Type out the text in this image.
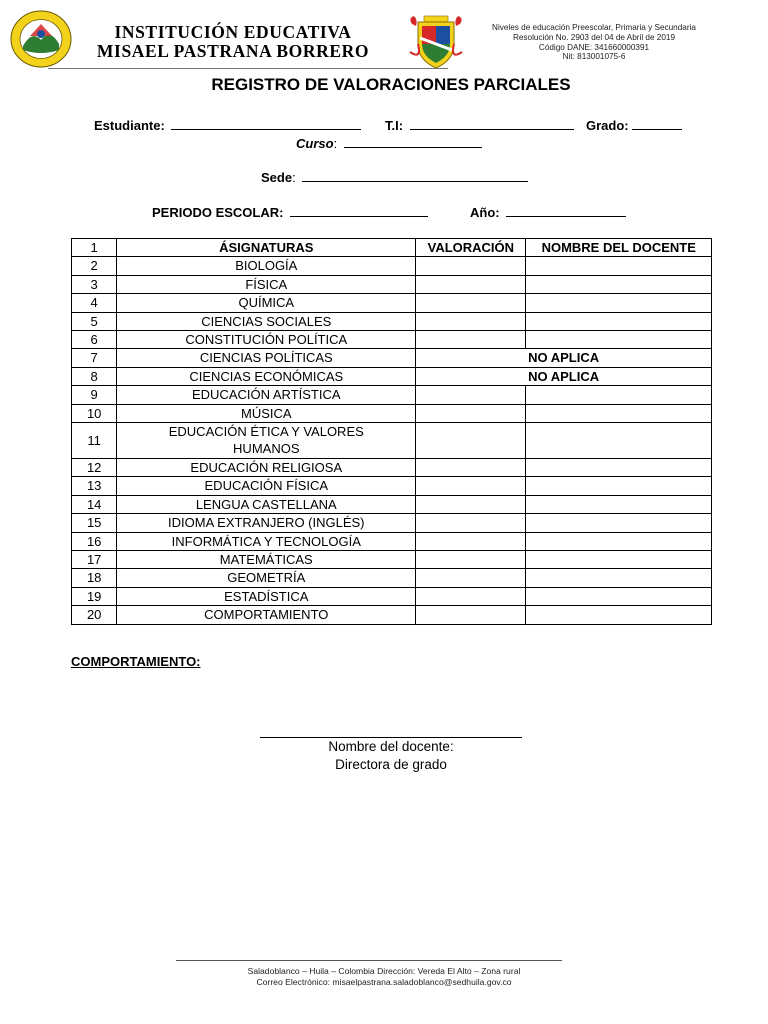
INSTITUCIÓN EDUCATIVA
MISAEL PASTRANA BORRERO
Niveles de educación Preescolar, Primaria y Secundaria
Resolución No. 2903 del 04 de Abril de 2019
Código DANE: 341660000391
Nit: 813001075-6
REGISTRO DE VALORACIONES PARCIALES
Estudiante:	T.I:	Grado:
Curso:
Sede:
PERIODO ESCOLAR:	Año:
1	ÁSIGNATURAS	VALORACIÓN	NOMBRE DEL DOCENTE
2	BIOLOGÍA		
3	FÍSICA		
4	QUÍMICA		
5	CIENCIAS SOCIALES		
6	CONSTITUCIÓN POLÍTICA		
7	CIENCIAS POLÍTICAS	NO APLICA	
8	CIENCIAS ECONÓMICAS	NO APLICA	
9	EDUCACIÓN ARTÍSTICA		
10	MÚSICA		
11	EDUCACIÓN ÉTICA Y VALORES HUMANOS		
12	EDUCACIÓN RELIGIOSA		
13	EDUCACIÓN FÍSICA		
14	LENGUA CASTELLANA		
15	IDIOMA EXTRANJERO (INGLÉS)		
16	INFORMÁTICA Y TECNOLOGÍA		
17	MATEMÁTICAS		
18	GEOMETRÍA		
19	ESTADÍSTICA		
20	COMPORTAMIENTO		
COMPORTAMIENTO:
Nombre del docente:
Directora de grado
Saladoblanco – Huila – Colombia Dirección: Vereda El Alto – Zona rural
Correo Electrónico: misaelpastrana.saladoblanco@sedhuila.gov.co
